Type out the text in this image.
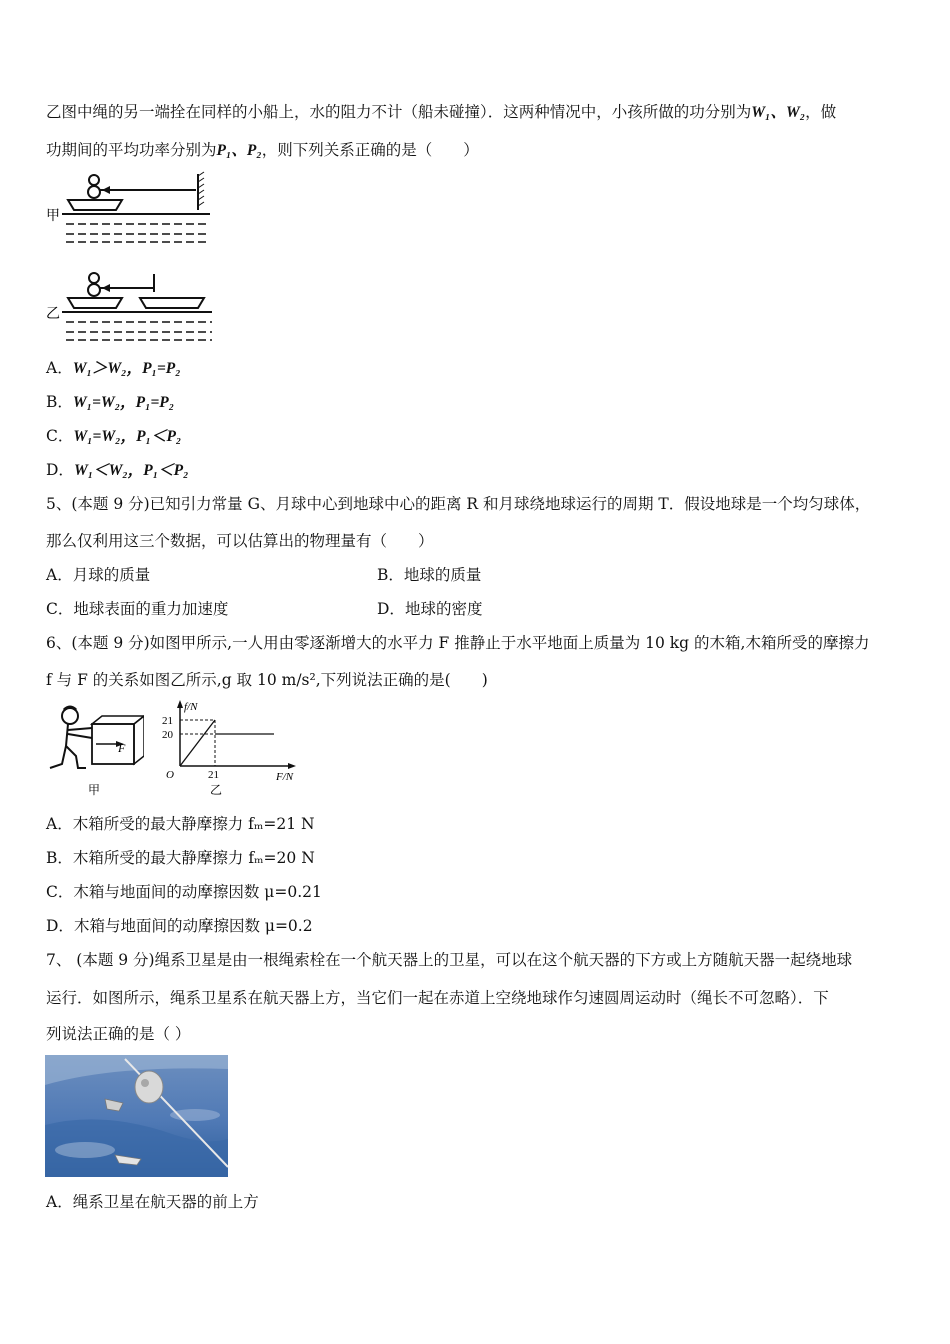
乙图中绳的另一端拴在同样的小船上，水的阻力不计（船未碰撞）．这两种情况中，小孩所做的功分别为W₁、W₂，做
功期间的平均功率分别为P₁、P₂，则下列关系正确的是（　　）
甲
乙
A．W₁＞W₂，P₁=P₂
B．W₁=W₂，P₁=P₂
C．W₁=W₂，P₁＜P₂
D．W₁＜W₂，P₁＜P₂
5、(本题 9 分)已知引力常量 G、月球中心到地球中心的距离 R 和月球绕地球运行的周期 T．假设地球是一个均匀球体，
那么仅利用这三个数据，可以估算出的物理量有（　　）
A．月球的质量	B．地球的质量
C．地球表面的重力加速度	D．地球的密度
6、(本题 9 分)如图甲所示,一人用由零逐渐增大的水平力 F 推静止于水平地面上质量为 10 kg 的木箱,木箱所受的摩擦力
f 与 F 的关系如图乙所示,g 取 10 m/s²,下列说法正确的是(　　)
F
甲
f/N
21
20
O	21	F/N
乙
A．木箱所受的最大静摩擦力 fₘ=21 N
B．木箱所受的最大静摩擦力 fₘ=20 N
C．木箱与地面间的动摩擦因数 μ=0.21
D．木箱与地面间的动摩擦因数 μ=0.2
7、 (本题 9 分)绳系卫星是由一根绳索栓在一个航天器上的卫星，可以在这个航天器的下方或上方随航天器一起绕地球
运行．如图所示，绳系卫星系在航天器上方，当它们一起在赤道上空绕地球作匀速圆周运动时（绳长不可忽略）．下
列说法正确的是（ ）
A．绳系卫星在航天器的前上方
